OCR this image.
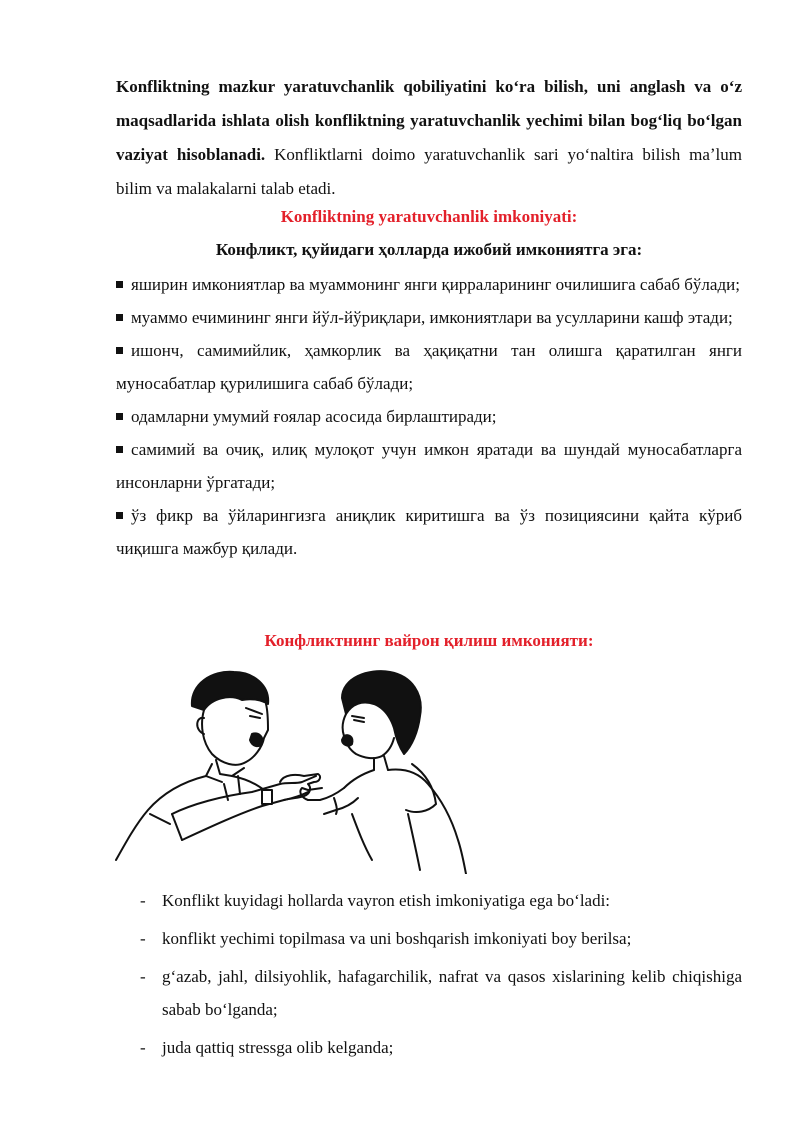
Konfliktning mazkur yaratuvchanlik qobiliyatini koʻra bilish, uni anglash va oʻz maqsadlarida ishlata olish konfliktning yaratuvchanlik yechimi bilan bogʻliq boʻlgan vaziyat hisoblanadi. Konfliktlarni doimo yaratuvchanlik sari yoʻnaltira bilish maʼlum bilim va malakalarni talab etadi.

Konfliktning yaratuvchanlik imkoniyati:

Конфликт, қуйидаги ҳолларда ижобий имкониятга эга:

яширин имкониятлар ва муаммонинг янги қирраларининг очилишига сабаб бўлади;
муаммо ечимининг янги йўл-йўриқлари, имкониятлари ва усулларини кашф этади;
ишонч, самимийлик, ҳамкорлик ва ҳақиқатни тан олишга қаратилган янги муносабатлар қурилишига сабаб бўлади;
одамларни умумий ғоялар асосида бирлаштиради;
самимий ва очиқ, илиқ мулоқот учун имкон яратади ва шундай муносабатларга инсонларни ўргатади;
ўз фикр ва ўйларингизга аниқлик киритишга ва ўз позициясини қайта кўриб чиқишга мажбур қилади.

Конфликтнинг вайрон қилиш имконияти:

- Konflikt kuyidagi hollarda vayron etish imkoniyatiga ega boʻladi:
- konflikt yechimi topilmasa va uni boshqarish imkoniyati boy berilsa;
- gʻazab, jahl, dilsiyohlik, hafagarchilik, nafrat va qasos xislarining kelib chiqishiga sabab boʻlganda;
- juda qattiq stressga olib kelganda;
